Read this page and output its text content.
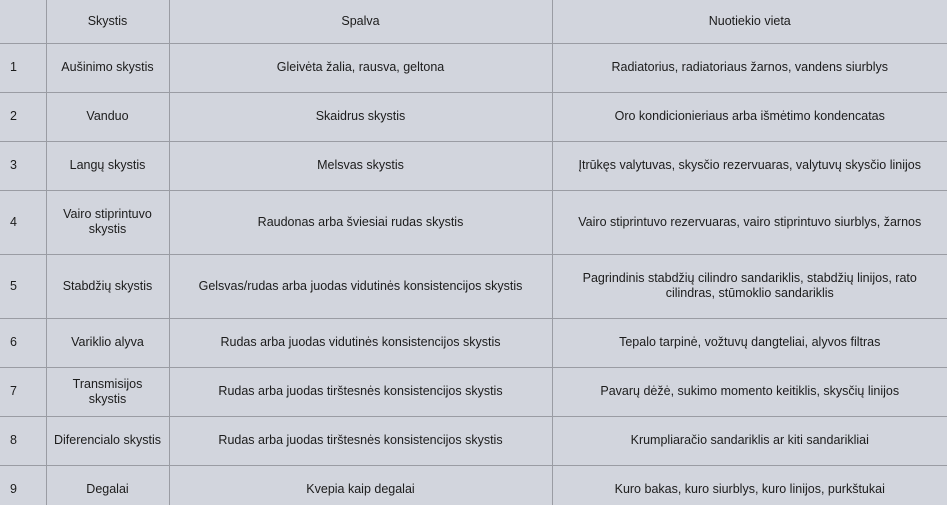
	Skystis	Spalva	Nuotiekio vieta
1	Aušinimo skystis	Gleivėta žalia, rausva, geltona	Radiatorius, radiatoriaus žarnos, vandens siurblys
2	Vanduo	Skaidrus skystis	Oro kondicionieriaus arba išmėtimo kondencatas
3	Langų skystis	Melsvas skystis	Įtrūkęs valytuvas, skysčio rezervuaras, valytuvų skysčio linijos
4	Vairo stiprintuvo skystis	Raudonas arba šviesiai rudas skystis	Vairo stiprintuvo rezervuaras, vairo stiprintuvo siurblys, žarnos
5	Stabdžių skystis	Gelsvas/rudas arba juodas vidutinės konsistencijos skystis	Pagrindinis stabdžių cilindro sandariklis, stabdžių linijos, rato cilindras, stūmoklio sandariklis
6	Variklio alyva	Rudas arba juodas vidutinės konsistencijos skystis	Tepalo tarpinė, vožtuvų dangteliai, alyvos filtras
7	Transmisijos skystis	Rudas arba juodas tirštesnės konsistencijos skystis	Pavarų dėžė, sukimo momento keitiklis, skysčių linijos
8	Diferencialo skystis	Rudas arba juodas tirštesnės konsistencijos skystis	Krumpliaračio sandariklis ar kiti sandarikliai
9	Degalai	Kvepia kaip degalai	Kuro bakas, kuro siurblys, kuro linijos, purkštukai
